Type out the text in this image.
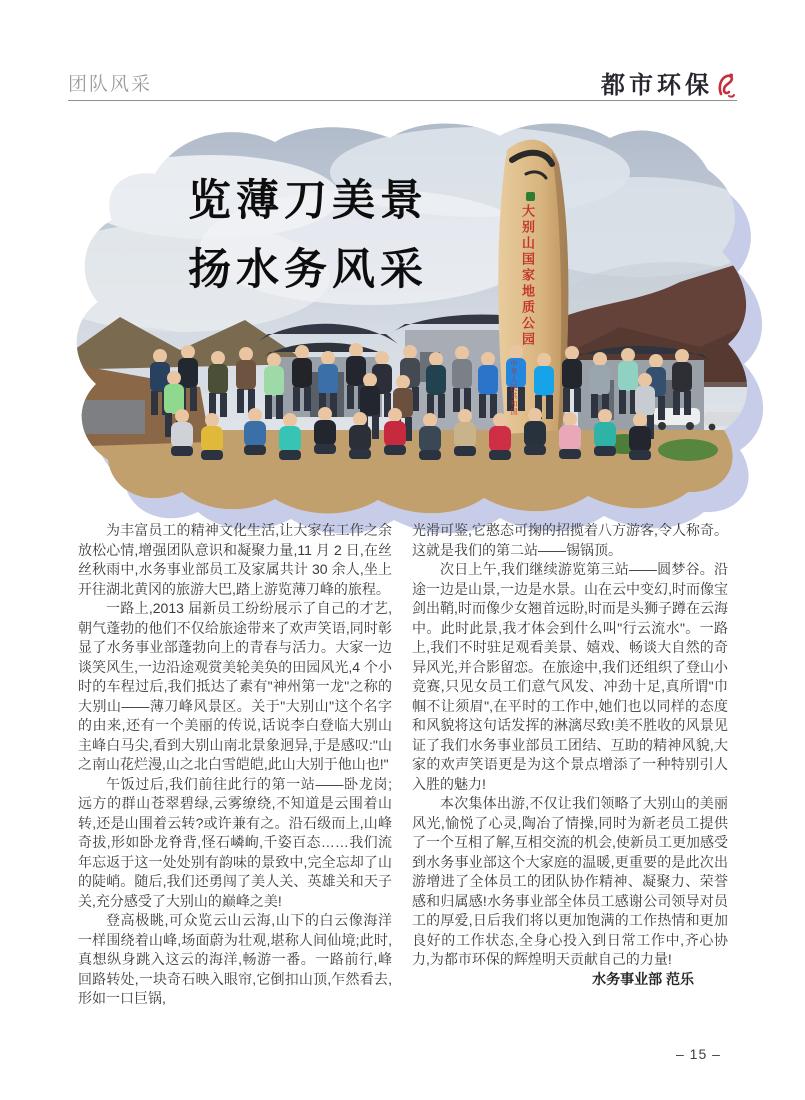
团队风采	都市环保
览薄刀美景
扬水务风采	大别山国家地质公园
中华人民共和国

为丰富员工的精神文化生活,让大家在工作之余放松心情,增强团队意识和凝聚力量,11 月 2 日,在丝丝秋雨中,水务事业部员工及家属共计 30 余人,坐上开往湖北黄冈的旅游大巴,踏上游览薄刀峰的旅程。

一路上,2013 届新员工纷纷展示了自己的才艺,朝气蓬勃的他们不仅给旅途带来了欢声笑语,同时彰显了水务事业部蓬勃向上的青春与活力。大家一边谈笑风生,一边沿途观赏美轮美奂的田园风光,4 个小时的车程过后,我们抵达了素有"神州第一龙"之称的大别山——薄刀峰风景区。关于"大别山"这个名字的由来,还有一个美丽的传说,话说李白登临大别山主峰白马尖,看到大别山南北景象迥异,于是感叹:"山之南山花烂漫,山之北白雪皑皑,此山大别于他山也!"

午饭过后,我们前往此行的第一站——卧龙岗;远方的群山苍翠碧绿,云雾缭绕,不知道是云围着山转,还是山围着云转?或许兼有之。沿石级而上,山峰奇拔,形如卧龙脊背,怪石嶙峋,千姿百态……我们流年忘返于这一处处别有韵味的景致中,完全忘却了山的陡峭。随后,我们还勇闯了美人关、英雄关和天子关,充分感受了大别山的巅峰之美!

登高极眺,可众览云山云海,山下的白云像海洋一样围绕着山峰,场面蔚为壮观,堪称人间仙境;此时,真想纵身跳入这云的海洋,畅游一番。一路前行,峰回路转处,一块奇石映入眼帘,它倒扣山顶,乍然看去,形如一口巨锅,

光滑可鉴,它憨态可掬的招揽着八方游客,令人称奇。这就是我们的第二站——锡锅顶。

次日上午,我们继续游览第三站——圆梦谷。沿途一边是山景,一边是水景。山在云中变幻,时而像宝剑出鞘,时而像少女翘首远盼,时而是头狮子蹲在云海中。此时此景,我才体会到什么叫"行云流水"。一路上,我们不时驻足观看美景、嬉戏、畅谈大自然的奇异风光,并合影留恋。在旅途中,我们还组织了登山小竞赛,只见女员工们意气风发、冲劲十足,真所谓"巾帼不让须眉",在平时的工作中,她们也以同样的态度和风貌将这句话发挥的淋漓尽致!美不胜收的风景见证了我们水务事业部员工团结、互助的精神风貌,大家的欢声笑语更是为这个景点增添了一种特别引人入胜的魅力!

本次集体出游,不仅让我们领略了大别山的美丽风光,愉悦了心灵,陶冶了情操,同时为新老员工提供了一个互相了解,互相交流的机会,使新员工更加感受到水务事业部这个大家庭的温暖,更重要的是此次出游增进了全体员工的团队协作精神、凝聚力、荣誉感和归属感!水务事业部全体员工感谢公司领导对员工的厚爱,日后我们将以更加饱满的工作热情和更加良好的工作状态,全身心投入到日常工作中,齐心协力,为都市环保的辉煌明天贡献自己的力量!

水务事业部 范乐

– 15 –
